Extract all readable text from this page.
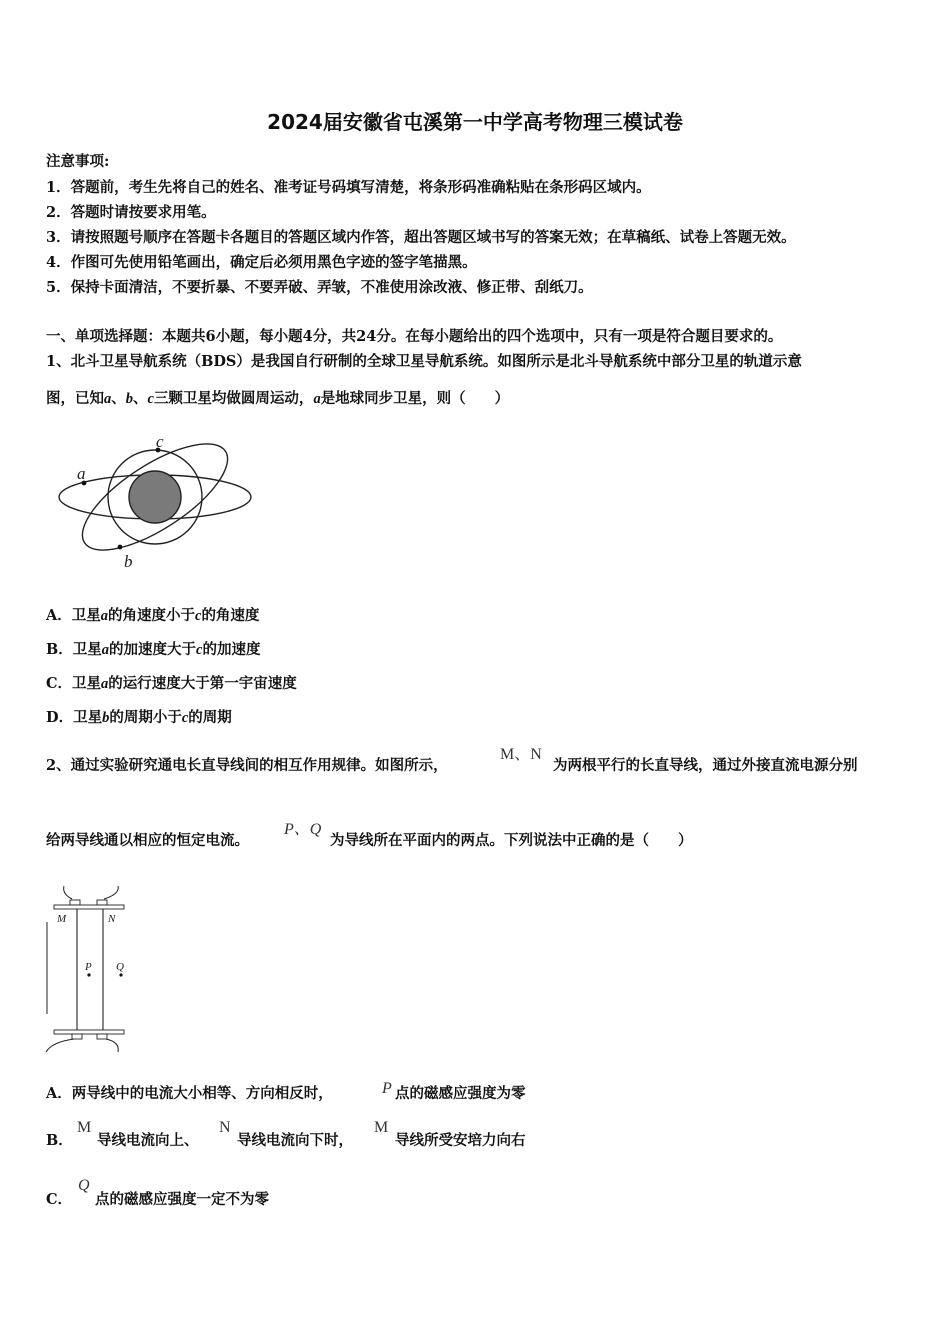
2024届安徽省屯溪第一中学高考物理三模试卷
注意事项:
1．答题前，考生先将自己的姓名、准考证号码填写清楚，将条形码准确粘贴在条形码区域内。
2．答题时请按要求用笔。
3．请按照题号顺序在答题卡各题目的答题区域内作答，超出答题区域书写的答案无效；在草稿纸、试卷上答题无效。
4．作图可先使用铅笔画出，确定后必须用黑色字迹的签字笔描黑。
5．保持卡面清洁，不要折暴、不要弄破、弄皱，不准使用涂改液、修正带、刮纸刀。
一、单项选择题：本题共6小题，每小题4分，共24分。在每小题给出的四个选项中，只有一项是符合题目要求的。
1、北斗卫星导航系统（BDS）是我国自行研制的全球卫星导航系统。如图所示是北斗导航系统中部分卫星的轨道示意
图，已知a、b、c三颗卫星均做圆周运动，a是地球同步卫星，则（　　）
a
c
b
A．卫星a的角速度小于c的角速度
B．卫星a的加速度大于c的加速度
C．卫星a的运行速度大于第一宇宙速度
D．卫星b的周期小于c的周期
2、通过实验研究通电长直导线间的相互作用规律。如图所示，
M、N
为两根平行的长直导线，通过外接直流电源分别
给两导线通以相应的恒定电流。
P、Q
为导线所在平面内的两点。下列说法中正确的是（　　）
M	N
P Q
A．两导线中的电流大小相等、方向相反时，	P 点的磁感应强度为零
B．
M
导线电流向上、
N
导线电流向下时，
M
导线所受安培力向右
C．
Q
点的磁感应强度一定不为零
